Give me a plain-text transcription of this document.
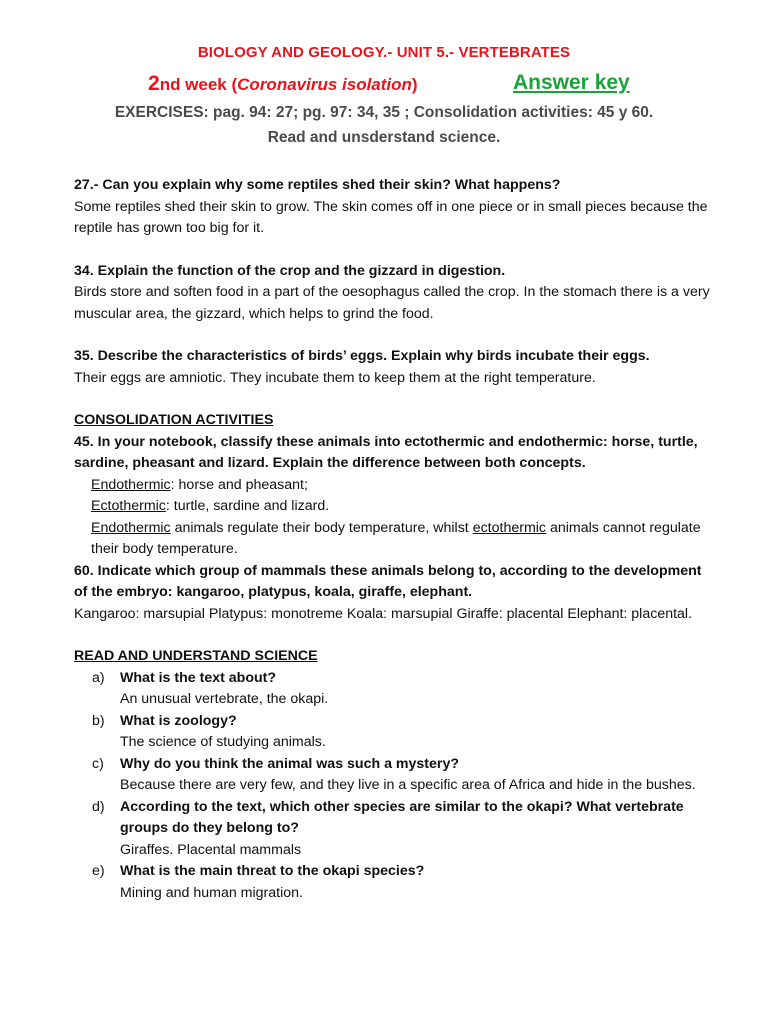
BIOLOGY AND GEOLOGY.- UNIT 5.- VERTEBRATES
2nd week (Coronavirus isolation)	Answer key
EXERCISES: pag. 94: 27; pg. 97: 34, 35 ; Consolidation activities: 45 y 60.
Read and unsderstand science.
27.- Can you explain why some reptiles shed their skin? What happens?
Some reptiles shed their skin to grow. The skin comes off in one piece or in small pieces because the reptile has grown too big for it.
34. Explain the function of the crop and the gizzard in digestion.
Birds store and soften food in a part of the oesophagus called the crop. In the stomach there is a very muscular area, the gizzard, which helps to grind the food.
35. Describe the characteristics of birds’ eggs. Explain why birds incubate their eggs.
Their eggs are amniotic. They incubate them to keep them at the right temperature.
CONSOLIDATION ACTIVITIES
45. In your notebook, classify these animals into ectothermic and endothermic: horse, turtle, sardine, pheasant and lizard. Explain the difference between both concepts.
Endothermic: horse and pheasant;
Ectothermic: turtle, sardine and lizard.
Endothermic animals regulate their body temperature, whilst ectothermic animals cannot regulate their body temperature.
60. Indicate which group of mammals these animals belong to, according to the development of the embryo: kangaroo, platypus, koala, giraffe, elephant.
Kangaroo: marsupial Platypus: monotreme Koala: marsupial Giraffe: placental Elephant: placental.
READ AND UNDERSTAND SCIENCE
a)	What is the text about?
An unusual vertebrate, the okapi.
b)	What is zoology?
The science of studying animals.
c)	Why do you think the animal was such a mystery?
Because there are very few, and they live in a specific area of Africa and hide in the bushes.
d)	According to the text, which other species are similar to the okapi? What vertebrate groups do they belong to?
Giraffes. Placental mammals
e)	What is the main threat to the okapi species?
Mining and human migration.
